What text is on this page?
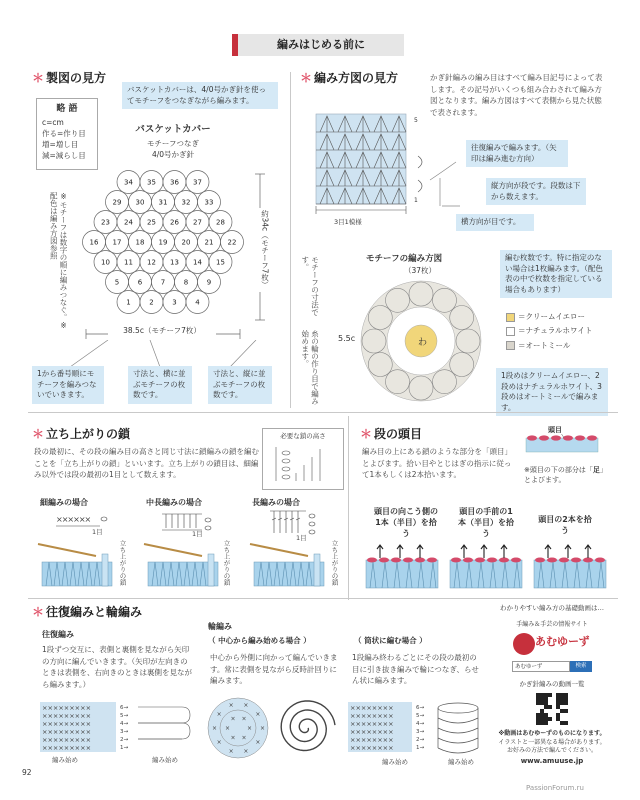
編みはじめる前に
＊ 製図の見方
略 語
c=cm
作る=作り目
増=増し目
減=減らし目
バスケットカバーは、4/0号かぎ針を使ってモチーフをつなぎながら編みます。
バスケットカバー
モチーフつなぎ
4/0号かぎ針
※モチーフは数字の順に編みつなぐ。※配色は編み方図参照
34 35 36 37
29 30 31 32 33
23 24 25 26 27 28
16 17 18 19 20 21 22
10 11 12 13 14 15
5	6	7	8	9
1	2	3	4
約34c（モチーフ7枚）
38.5c（モチーフ7枚）
1から番号順にモチーフを編みつないでいきます。
寸法と、横に並ぶモチーフの枚数です。
寸法と、縦に並ぶモチーフの枚数です。
＊ 編み方図の見方	かぎ針編みの編み目はすべて編み目記号によって表します。その記号がいくつも組み合わされて編み方図となります。編み方図はすべて表側から見た状態で表されます。
5
1
3目1模様
往復編みで編みます。（矢印は編み進む方向）
縦方向が段です。段数は下から数えます。
横方向が目です。
モチーフの編み方図
（37枚）
モチーフの寸法です。
5.5c
糸の輪の作り目で編み始めます。	わ
編む枚数です。特に指定のない場合は1枚編みます。（配色表の中で枚数を指定している場合もあります）
＝クリームイエロー
＝ナチュラルホワイト
＝オートミール
1段めはクリームイエロー、2段めはナチュラルホワイト、3段めはオートミールで編みます。
＊ 立ち上がりの鎖
段の最初に、その段の編み目の高さと同じ寸法に鎖編みの鎖を編むことを「立ち上がりの鎖」といいます。立ち上がりの鎖目は、細編み以外では段の最初の1目として数えます。
必要な鎖の高さ
細編みの場合	中長編みの場合	長編みの場合
××××××
1目	1目	1目
立ち上がりの鎖	立ち上がりの鎖	立ち上がりの鎖
＊ 段の頭目
編み目の上にある鎖のような部分を「頭目」とよびます。拾い目やとじはぎの指示に従って1本もしくは2本拾います。
頭目
※頭目の下の部分は「足」とよびます。
頭目の向こう側の1本（半目）を拾う
頭目の手前の1本（半目）を拾う
頭目の2本を拾う
＊ 往復編みと輪編み
往復編み
1段ずつ交互に、表側と裏側を見ながら矢印の方向に編んでいきます。（矢印が左向きのときは表側を、右向きのときは裏側を見ながら編みます。）
×××××××××
×××××××××
×××××××××
×××××××××
×××××××××
×××××××××
6→
5→
4→
3→
2→
1→
編み始め	編み始め
輪編み
（ 中心から編み始める場合 ）
中心から外側に向かって編んでいきます。常に表側を見ながら反時計回りに編みます。
×
×
×
×
×
×
×
× ×
×
×
×
×
×
× ×
（ 筒状に編む場合 ）
1段編み終わるごとにその段の最初の目に引き抜き編みで輪につなぎ、らせん状に編みます。
××××××××
××××××××
××××××××
××××××××
××××××××
××××××××
6→
5→
4→
3→
2→
1→
編み始め	編み始め
わかりやすい編み方の基礎動画は…
手編み＆手芸の情報サイト
あむゆーず
あむゆーず	検索
かぎ針編みの動画一覧
※動画はあむゆーずのものになります。
イラストと一部異なる場合があります。
お好みの方法で編んでください。
www.amuuse.jp
92
PassionForum.ru
